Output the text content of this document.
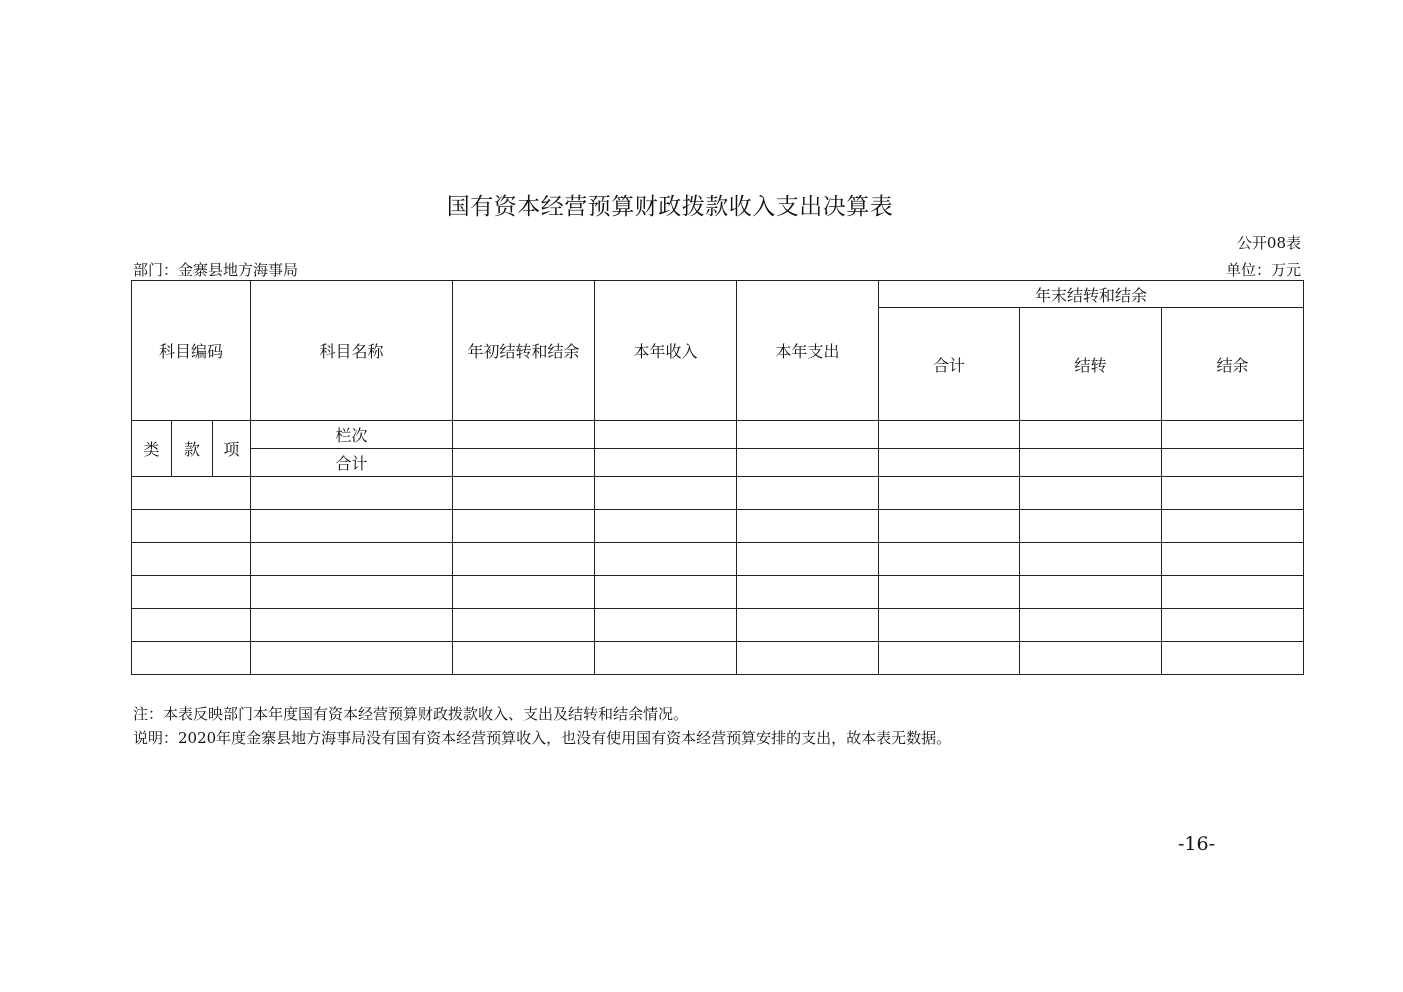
国有资本经营预算财政拨款收入支出决算表
公开08表
部门：金寨县地方海事局	单位：万元
科目编码			科目名称	年初结转和结余	本年收入	本年支出	年末结转和结余		
							合计	结转	结余
类	款	项	栏次						
			合计						

注：本表反映部门本年度国有资本经营预算财政拨款收入、支出及结转和结余情况。
说明：2020年度金寨县地方海事局没有国有资本经营预算收入，也没有使用国有资本经营预算安排的支出，故本表无数据。
-16-
